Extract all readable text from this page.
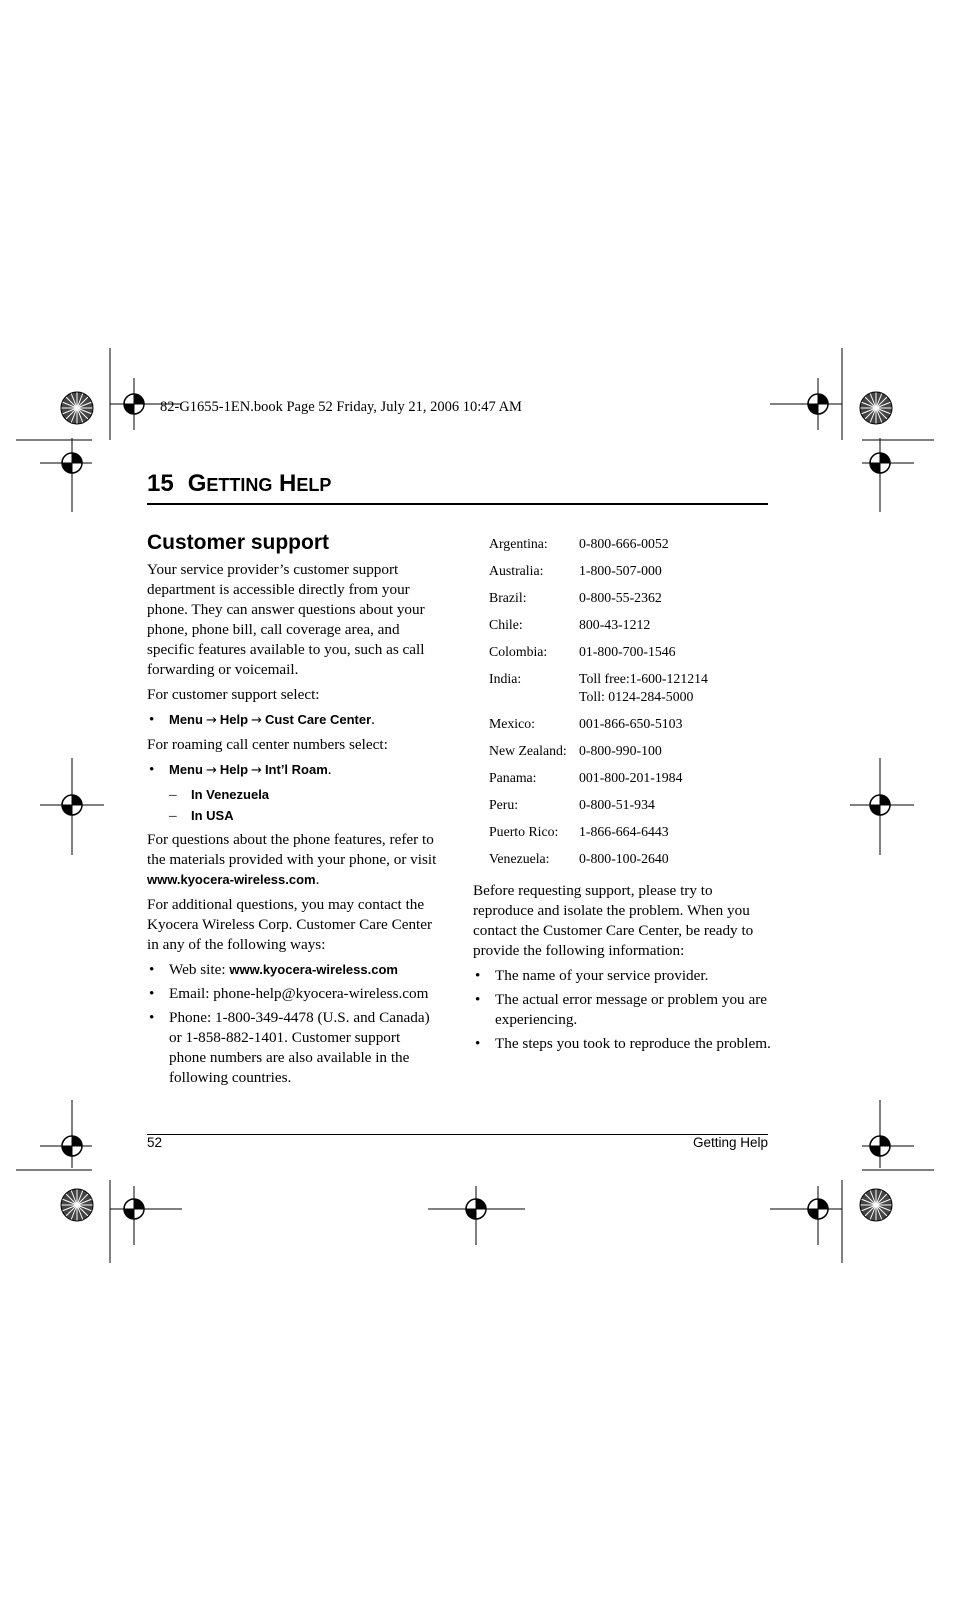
82-G1655-1EN.book Page 52 Friday, July 21, 2006 10:47 AM
15 GETTING HELP
Customer support

Your service provider’s customer support department is accessible directly from your phone. They can answer questions about your phone, phone bill, call coverage area, and specific features available to you, such as call forwarding or voicemail.

For customer support select:

• Menu → Help → Cust Care Center.

For roaming call center numbers select:

• Menu → Help → Int’l Roam.
– In Venezuela
– In USA

For questions about the phone features, refer to the materials provided with your phone, or visit www.kyocera-wireless.com.

For additional questions, you may contact the Kyocera Wireless Corp. Customer Care Center in any of the following ways:

• Web site: www.kyocera-wireless.com
• Email: phone-help@kyocera-wireless.com
• Phone: 1-800-349-4478 (U.S. and Canada) or 1-858-882-1401. Customer support phone numbers are also available in the following countries.
Argentina:	0-800-666-0052
Australia:	1-800-507-000
Brazil:	0-800-55-2362
Chile:	800-43-1212
Colombia:	01-800-700-1546
India:	Toll free:1-600-121214
Toll: 0124-284-5000
Mexico:	001-866-650-5103
New Zealand:	0-800-990-100
Panama:	001-800-201-1984
Peru:	0-800-51-934
Puerto Rico:	1-866-664-6443
Venezuela:	0-800-100-2640

Before requesting support, please try to reproduce and isolate the problem. When you contact the Customer Care Center, be ready to provide the following information:

• The name of your service provider.
• The actual error message or problem you are experiencing.
• The steps you took to reproduce the problem.
52	Getting Help
